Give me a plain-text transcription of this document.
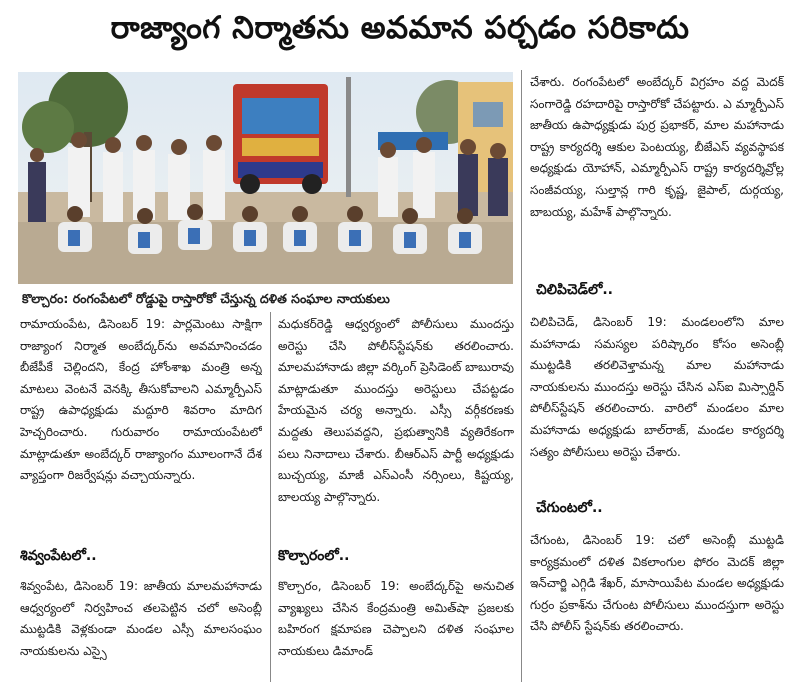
రాజ్యాంగ నిర్మాతను అవమాన పర్చడం సరికాదు
కొల్చారం: రంగంపేటలో రోడ్డుపై రాస్తారోకో చేస్తున్న దళిత సంఘాల నాయకులు

రామాయంపేట, డిసెంబర్ 19: పార్లమెంటు సాక్షిగా రాజ్యాంగ నిర్మాత అంబేద్కర్‌ను అవమానించడం బీజేపీకే చెల్లిందని, కేంద్ర హోంశాఖ మంత్రి అన్న మాటలు వెంటనే వెనక్కి తీసుకోవాలని ఎమ్మార్పీఎస్ రాష్ట్ర ఉపాధ్యక్షుడు మద్దూరి శివరాం మాదిగ హెచ్చరించారు. గురువారం రామాయంపేటలో మాట్లాడుతూ అంబేద్కర్ రాజ్యాంగం మూలంగానే దేశ వ్యాప్తంగా రిజర్వేషన్లు వచ్చాయన్నారు.

శివ్వంపేటలో..

శివ్వంపేట, డిసెంబర్ 19: జాతీయ మాలమహానాడు ఆధ్వర్యంలో నిర్వహించ తలపెట్టిన చలో అసెంబ్లీ ముట్టడికి వెళ్లకుండా మండల ఎస్సీ మాలసంఘం నాయకులను ఎస్సై

మధుకర్‌రెడ్డి ఆధ్వర్యంలో పోలీసులు ముందస్తు అరెస్టు చేసి పోలీస్‌స్టేషన్‌కు తరలించారు. మాలమహానాడు జిల్లా వర్కింగ్ ప్రెసిడెంట్ బాబురావు మాట్లాడుతూ ముందస్తు అరెస్టులు చేపట్టడం హేయమైన చర్య అన్నారు. ఎస్సీ వర్గీకరణకు మద్దతు తెలుపవద్దని, ప్రభుత్వానికి వ్యతిరేకంగా పలు నినాదాలు చేశారు. బీఆర్ఎస్ పార్టీ అధ్యక్షుడు బుచ్చయ్య, మాజీ ఎస్ఎంసీ నర్సింలు, కిష్టయ్య, బాలయ్య పాల్గొన్నారు.

కొల్చారంలో..

కొల్చారం, డిసెంబర్ 19: అంబేద్కర్‌పై అనుచిత వ్యాఖ్యలు చేసిన కేంద్రమంత్రి అమిత్‌షా ప్రజలకు బహిరంగ క్షమాపణ చెప్పాలని దళిత సంఘాల నాయకులు డిమాండ్

చేశారు. రంగంపేటలో అంబేద్కర్ విగ్రహం వద్ద మెదక్ సంగారెడ్డి రహదారిపై రాస్తారోకో చేపట్టారు. ఎ మ్మార్పీఎస్ జాతీయ ఉపాధ్యక్షుడు పుర్ర ప్రభాకర్, మాల మహానాడు రాష్ట్ర కార్యదర్శి ఆకుల పెంటయ్య, బీజేఎస్ వ్యవస్థాపక అధ్యక్షుడు యోహాన్, ఎమ్మార్పీఎస్ రాష్ట్ర కార్యదర్శివ్రోల్ల సంజీవయ్య, సుల్తాన్ల గారి కృష్ణ, జైపాల్, దుర్గయ్య, బాబయ్య, మహేశ్ పాల్గొన్నారు.

చిలిపిచెడ్‌లో..

చిలిపిచెడ్, డిసెంబర్ 19: మండలంలోని మాల మహానాడు సమస్యల పరిష్కారం కోసం అసెంబ్లీ ముట్టడికి తరలివెళ్తామన్న మాల మహానాడు నాయకులను ముందస్తు అరెస్టు చేసిన ఎస్ఐ మిస్సార్డిన్ పోలీస్‌స్టేషన్ తరలించారు. వారిలో మండలం మాల మహానాడు అధ్యక్షుడు బాల్‌రాజ్, మండల కార్యదర్శి సత్యం పోలీసులు అరెస్టు చేశారు.

చేగుంటలో..

చేగుంట, డిసెంబర్ 19: చలో అసెంబ్లీ ముట్టడి కార్యక్రమంలో దళిత వికలాంగుల ఫోరం మెదక్ జిల్లా ఇన్‌చార్జి ఎగ్గిడి శేఖర్, మాసాయిపేట మండల అధ్యక్షుడు గుర్రం ప్రకాశ్‌ను చేగుంట పోలీసులు ముందస్తుగా అరెస్టు చేసి పోలీస్ స్టేషన్‌కు తరలించారు.
